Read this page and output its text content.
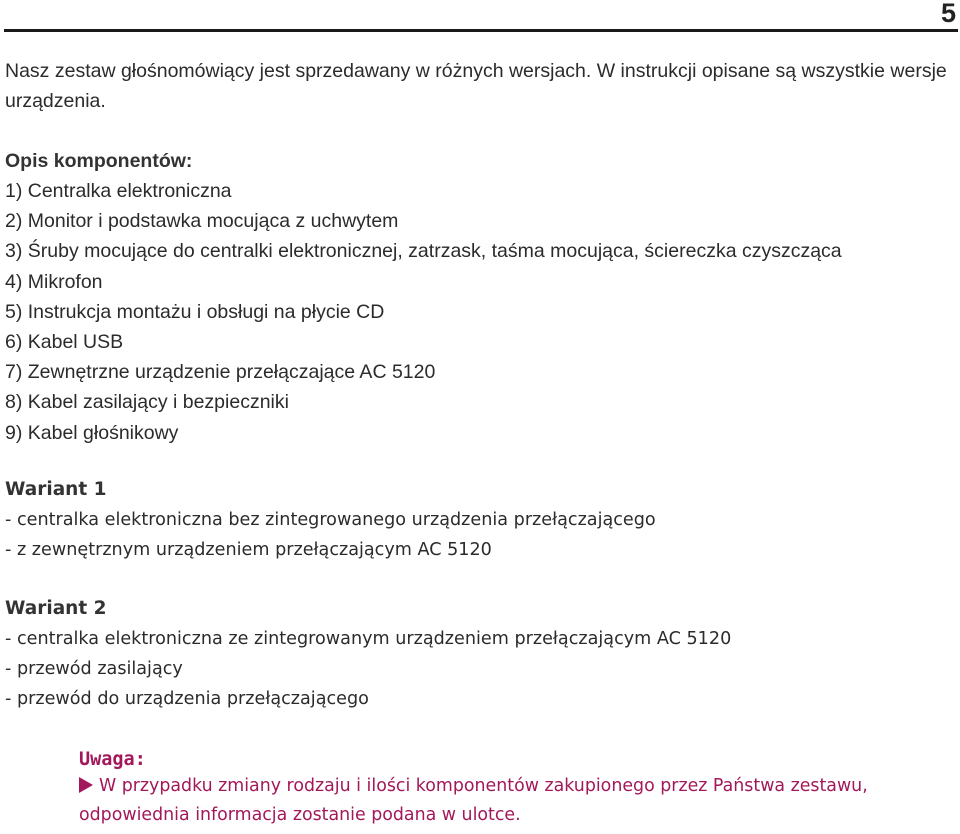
5

Nasz zestaw głośnomówiący jest sprzedawany w różnych wersjach. W instrukcji opisane są wszystkie wersje urządzenia.

Opis komponentów:
1) Centralka elektroniczna
2) Monitor i podstawka mocująca z uchwytem
3) Śruby mocujące do centralki elektronicznej, zatrzask, taśma mocująca, ściereczka czyszcząca
4) Mikrofon
5) Instrukcja montażu i obsługi na płycie CD
6) Kabel USB
7) Zewnętrzne urządzenie przełączające AC 5120
8) Kabel zasilający i bezpieczniki
9) Kabel głośnikowy
Wariant 1
- centralka elektroniczna bez zintegrowanego urządzenia przełączającego
- z zewnętrznym urządzeniem przełączającym AC 5120
Wariant 2
- centralka elektroniczna ze zintegrowanym urządzeniem przełączającym AC 5120
- przewód zasilający
- przewód do urządzenia przełączającego
Uwaga:
W przypadku zmiany rodzaju i ilości komponentów zakupionego przez Państwa zestawu, odpowiednia informacja zostanie podana w ulotce.
